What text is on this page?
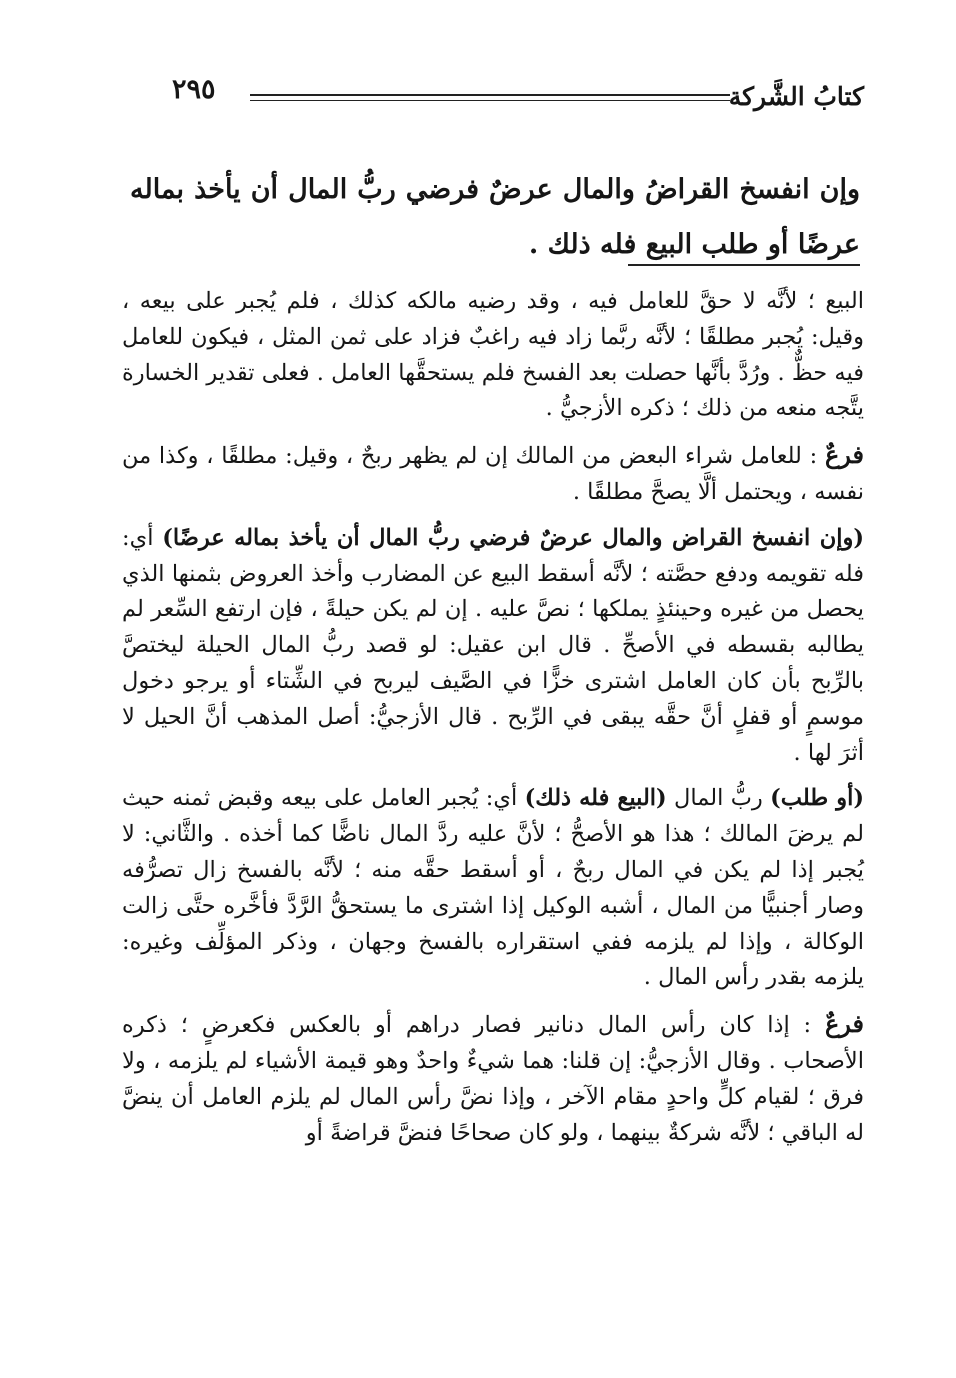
كتابُ الشَّركة
٢٩٥
وإن انفسخ القراضُ والمال عرضٌ فرضي ربُّ المال أن يأخذ بماله عرضًا أو طلب البيع فله ذلك .

البيع ؛ لأنَّه لا حقَّ للعامل فيه ، وقد رضيه مالكه كذلك ، فلم يُجبر على بيعه ، وقيل: يُجبر مطلقًا ؛ لأنَّه ربَّما زاد فيه راغبٌ فزاد على ثمن المثل ، فيكون للعامل فيه حظٌّ . ورُدَّ بأنَّها حصلت بعد الفسخ فلم يستحقَّها العامل . فعلى تقدير الخسارة يتَّجه منعه من ذلك ؛ ذكره الأزجيُّ .

فرعٌ : للعامل شراء البعض من المالك إن لم يظهر ربحٌ ، وقيل: مطلقًا ، وكذا من نفسه ، ويحتمل ألَّا يصحَّ مطلقًا .

(وإن انفسخ القراض والمال عرضٌ فرضي ربُّ المال أن يأخذ بماله عرضًا) أي: فله تقويمه ودفع حصَّته ؛ لأنَّه أسقط البيع عن المضارب وأخذ العروض بثمنها الذي يحصل من غيره وحينئذٍ يملكها ؛ نصَّ عليه . إن لم يكن حيلةً ، فإن ارتفع السِّعر لم يطالبه بقسطه في الأصحِّ . قال ابن عقيل: لو قصد ربُّ المال الحيلة ليختصَّ بالرِّبح بأن كان العامل اشترى خزًّا في الصَّيف ليربح في الشِّتاء أو يرجو دخول موسمٍ أو قفلٍ أنَّ حقَّه يبقى في الرِّبح . قال الأزجيُّ: أصل المذهب أنَّ الحيل لا أثرَ لها .

(أو طلب) ربُّ المال (البيع فله ذلك) أي: يُجبر العامل على بيعه وقبض ثمنه حيث لم يرضَ المالك ؛ هذا هو الأصحُّ ؛ لأنَّ عليه ردَّ المال ناضًّا كما أخذه . والثَّاني: لا يُجبر إذا لم يكن في المال ربحٌ ، أو أسقط حقَّه منه ؛ لأنَّه بالفسخ زال تصرُّفه وصار أجنبيًّا من المال ، أشبه الوكيل إذا اشترى ما يستحقُّ الرَّدَّ فأخَّره حتَّى زالت الوكالة ، وإذا لم يلزمه ففي استقراره بالفسخ وجهان ، وذكر المؤلِّف وغيره: يلزمه بقدر رأس المال .

فرعٌ : إذا كان رأس المال دنانير فصار دراهم أو بالعكس فكعرضٍ ؛ ذكره الأصحاب . وقال الأزجيُّ: إن قلنا: هما شيءٌ واحدٌ وهو قيمة الأشياء لم يلزمه ، ولا فرق ؛ لقيام كلٍّ واحدٍ مقام الآخر ، وإذا نضَّ رأس المال لم يلزم العامل أن ينضَّ له الباقي ؛ لأنَّه شركةٌ بينهما ، ولو كان صحاحًا فنضَّ قراضةً أو
